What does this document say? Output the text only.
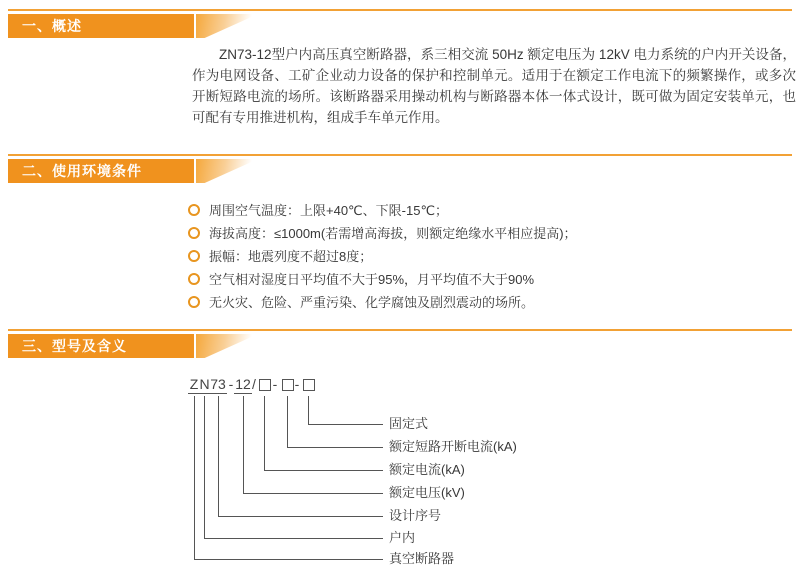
一、概述

ZN73-12型户内高压真空断路器，系三相交流 50Hz 额定电压为 12kV 电力系统的户内开关设备，作为电网设备、工矿企业动力设备的保护和控制单元。适用于在额定工作电流下的频繁操作，或多次开断短路电流的场所。该断路器采用操动机构与断路器本体一体式设计，既可做为固定安装单元，也可配有专用推进机构，组成手车单元作用。

二、使用环境条件
周围空气温度：上限+40℃、下限-15℃；
海拔高度：≤1000m(若需增高海拔，则额定绝缘水平相应提高)；
振幅：地震列度不超过8度；
空气相对湿度日平均值不大于95%，月平均值不大于90%
无火灾、危险、严重污染、化学腐蚀及剧烈震动的场所。
三、型号及含义
Z N 73 - 12 / - -
固定式
额定短路开断电流(kA)
额定电流(kA)
额定电压(kV)
设计序号
户内
真空断路器
